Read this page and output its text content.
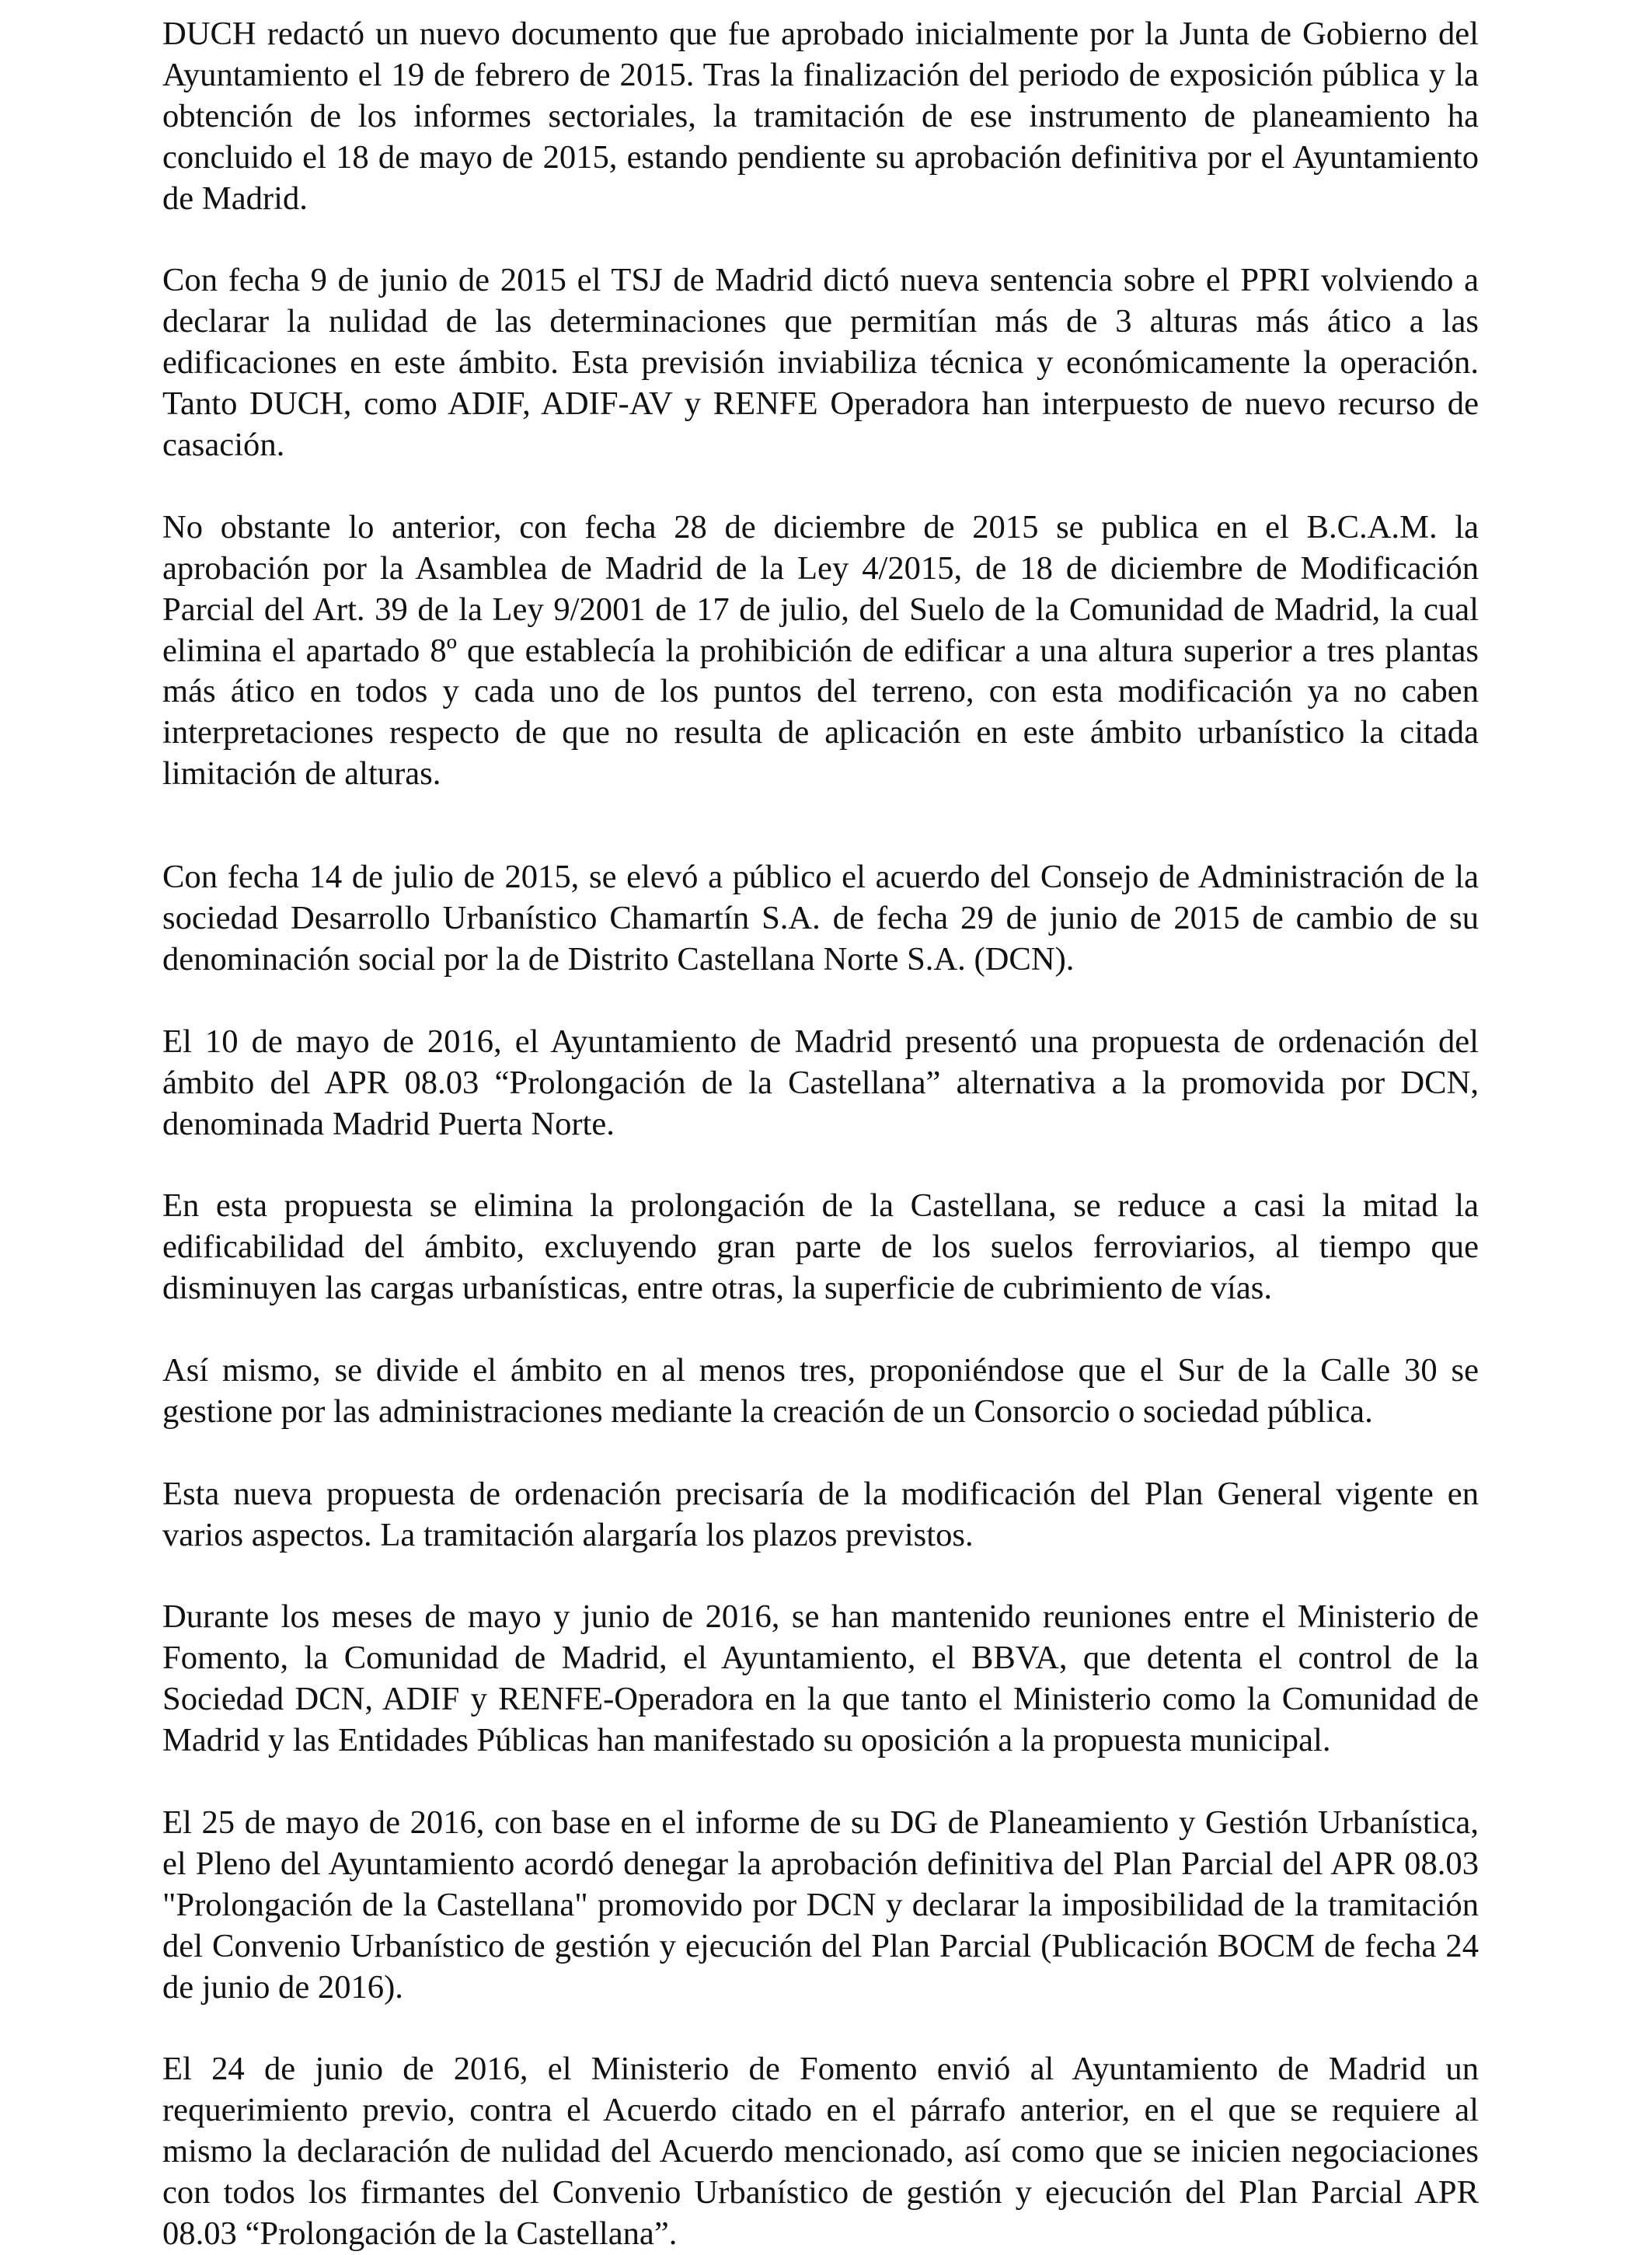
DUCH redactó un nuevo documento que fue aprobado inicialmente por la Junta de Gobierno del Ayuntamiento el 19 de febrero de 2015. Tras la finalización del periodo de exposición pública y la obtención de los informes sectoriales, la tramitación de ese instrumento de planeamiento ha concluido el 18 de mayo de 2015, estando pendiente su aprobación definitiva por el Ayuntamiento de Madrid.

Con fecha 9 de junio de 2015 el TSJ de Madrid dictó nueva sentencia sobre el PPRI volviendo a declarar la nulidad de las determinaciones que permitían más de 3 alturas más ático a las edificaciones en este ámbito. Esta previsión inviabiliza técnica y económicamente la operación. Tanto DUCH, como ADIF, ADIF-AV y RENFE Operadora han interpuesto de nuevo recurso de casación.

No obstante lo anterior, con fecha 28 de diciembre de 2015 se publica en el B.C.A.M. la aprobación por la Asamblea de Madrid de la Ley 4/2015, de 18 de diciembre de Modificación Parcial del Art. 39 de la Ley 9/2001 de 17 de julio, del Suelo de la Comunidad de Madrid, la cual elimina el apartado 8º que establecía la prohibición de edificar a una altura superior a tres plantas más ático en todos y cada uno de los puntos del terreno, con esta modificación ya no caben interpretaciones respecto de que no resulta de aplicación en este ámbito urbanístico la citada limitación de alturas.

Con fecha 14 de julio de 2015, se elevó a público el acuerdo del Consejo de Administración de la sociedad Desarrollo Urbanístico Chamartín S.A. de fecha 29 de junio de 2015 de cambio de su denominación social por la de Distrito Castellana Norte S.A. (DCN).

El 10 de mayo de 2016, el Ayuntamiento de Madrid presentó una propuesta de ordenación del ámbito del APR 08.03 “Prolongación de la Castellana” alternativa a la promovida por DCN, denominada Madrid Puerta Norte.

En esta propuesta se elimina la prolongación de la Castellana, se reduce a casi la mitad la edificabilidad del ámbito, excluyendo gran parte de los suelos ferroviarios, al tiempo que disminuyen las cargas urbanísticas, entre otras, la superficie de cubrimiento de vías.

Así mismo, se divide el ámbito en al menos tres, proponiéndose que el Sur de la Calle 30 se gestione por las administraciones mediante la creación de un Consorcio o sociedad pública.

Esta nueva propuesta de ordenación precisaría de la modificación del Plan General vigente en varios aspectos. La tramitación alargaría los plazos previstos.

Durante los meses de mayo y junio de 2016, se han mantenido reuniones entre el Ministerio de Fomento, la Comunidad de Madrid, el Ayuntamiento, el BBVA, que detenta el control de la Sociedad DCN, ADIF y RENFE-Operadora en la que tanto el Ministerio como la Comunidad de Madrid y las Entidades Públicas han manifestado su oposición a la propuesta municipal.

El 25 de mayo de 2016, con base en el informe de su DG de Planeamiento y Gestión Urbanística, el Pleno del Ayuntamiento acordó denegar la aprobación definitiva del Plan Parcial del APR 08.03 "Prolongación de la Castellana" promovido por DCN y declarar la imposibilidad de la tramitación del Convenio Urbanístico de gestión y ejecución del Plan Parcial (Publicación BOCM de fecha 24 de junio de 2016).

El 24 de junio de 2016, el Ministerio de Fomento envió al Ayuntamiento de Madrid un requerimiento previo, contra el Acuerdo citado en el párrafo anterior, en el que se requiere al mismo la declaración de nulidad del Acuerdo mencionado, así como que se inicien negociaciones con todos los firmantes del Convenio Urbanístico de gestión y ejecución del Plan Parcial APR 08.03 “Prolongación de la Castellana”.
